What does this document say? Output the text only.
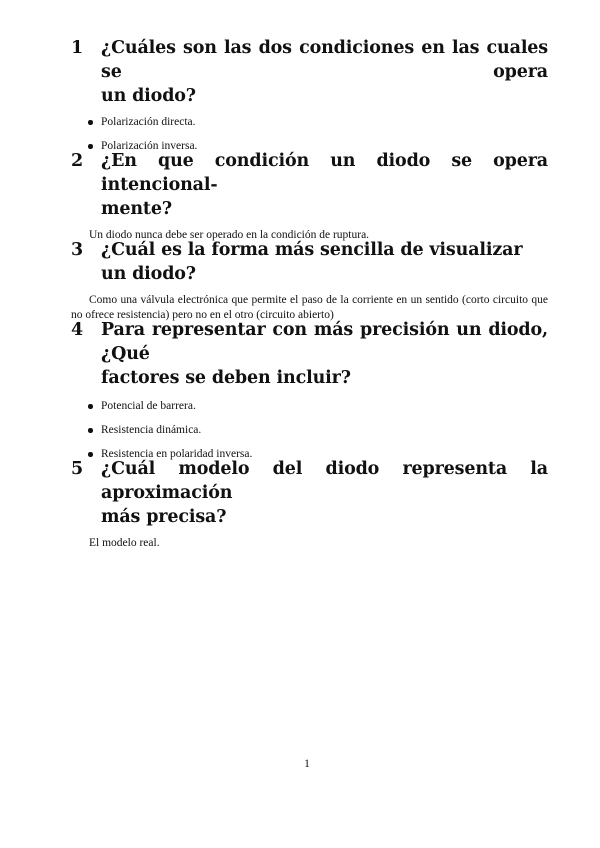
1 ¿Cuáles son las dos condiciones en las cuales se opera
un diodo?
Polarización directa.
Polarización inversa.
2 ¿En que condición un diodo se opera intencional-
mente?
Un diodo nunca debe ser operado en la condición de ruptura.
3 ¿Cuál es la forma más sencilla de visualizar un diodo?
Como una válvula electrónica que permite el paso de la corriente en un sentido (corto circuito que no ofrece resistencia) pero no en el otro (circuito abierto)
4 Para representar con más precisión un diodo, ¿Qué
factores se deben incluir?
Potencial de barrera.
Resistencia dinámica.
Resistencia en polaridad inversa.
5 ¿Cuál modelo del diodo representa la aproximación
más precisa?
El modelo real.
1
